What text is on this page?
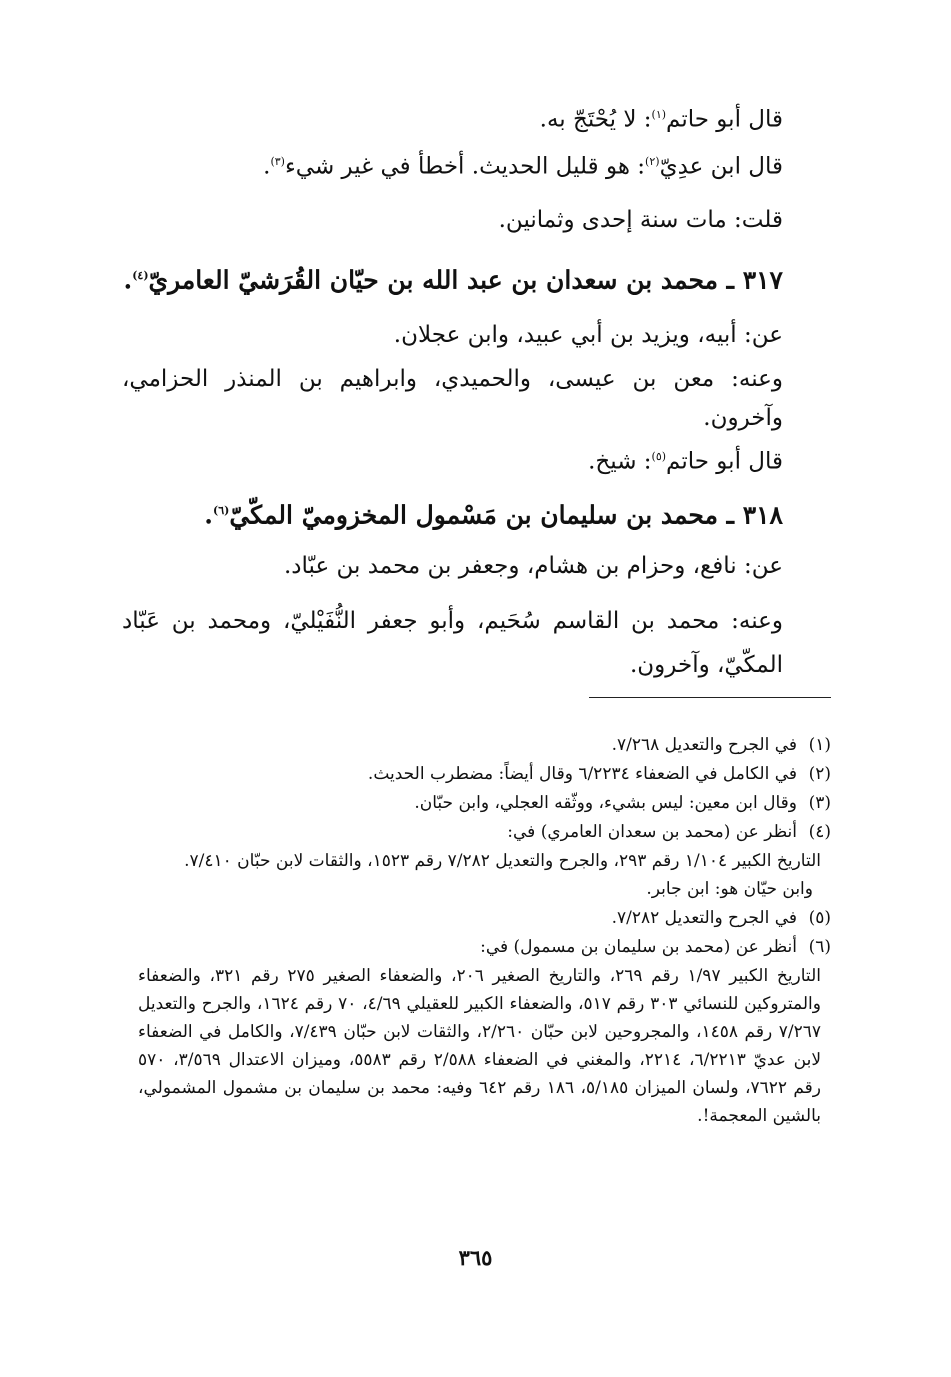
قال أبو حاتم$^{(١)}$: لا يُحْتَجّ به.
قال ابن عدِيّ$^{(٢)}$: هو قليل الحديث. أخطأ في غير شيء$^{(٣)}$.
قلت: مات سنة إحدى وثمانين.
٣١٧ ـ محمد بن سعدان بن عبد الله بن حيّان القُرَشيّ العامريّ$^{(٤)}$.
عن: أبيه، ويزيد بن أبي عبيد، وابن عجلان.
وعنه: معن بن عيسى، والحميدي، وابراهيم بن المنذر الحزامي، وآخرون.
قال أبو حاتم$^{(٥)}$: شيخ.
٣١٨ ـ محمد بن سليمان بن مَسْمول المخزوميّ المكّيّ$^{(٦)}$.
عن: نافع، وحزام بن هشام، وجعفر بن محمد بن عبّاد.
وعنه: محمد بن القاسم سُحَيم، وأبو جعفر النُّفَيْليّ، ومحمد بن عَبّاد المكّيّ، وآخرون.
(١)في الجرح والتعديل ٧/٢٦٨.
(٢)في الكامل في الضعفاء ٦/٢٢٣٤ وقال أيضاً: مضطرب الحديث.
(٣)وقال ابن معين: ليس بشيء، ووثّقه العجلي، وابن حبّان.
(٤)أنظر عن (محمد بن سعدان العامري) في:
التاريخ الكبير ١/١٠٤ رقم ٢٩٣، والجرح والتعديل ٧/٢٨٢ رقم ١٥٢٣، والثقات لابن حبّان ٧/٤١٠.
وابن حيّان هو: ابن جابر.
(٥)في الجرح والتعديل ٧/٢٨٢.
(٦)أنظر عن (محمد بن سليمان بن مسمول) في:
التاريخ الكبير ١/٩٧ رقم ٢٦٩، والتاريخ الصغير ٢٠٦، والضعفاء الصغير ٢٧٥ رقم ٣٢١، والضعفاء والمتروكين للنسائي ٣٠٣ رقم ٥١٧، والضعفاء الكبير للعقيلي ٤/٦٩، ٧٠ رقم ١٦٢٤، والجرح والتعديل ٧/٢٦٧ رقم ١٤٥٨، والمجروحين لابن حبّان ٢/٢٦٠، والثقات لابن حبّان ٧/٤٣٩، والكامل في الضعفاء لابن عديّ ٦/٢٢١٣، ٢٢١٤، والمغني في الضعفاء ٢/٥٨٨ رقم ٥٥٨٣، وميزان الاعتدال ٣/٥٦٩، ٥٧٠ رقم ٧٦٢٢، ولسان الميزان ٥/١٨٥، ١٨٦ رقم ٦٤٢ وفيه: محمد بن سليمان بن مشمول المشمولي، بالشين المعجمة!.
٣٦٥
